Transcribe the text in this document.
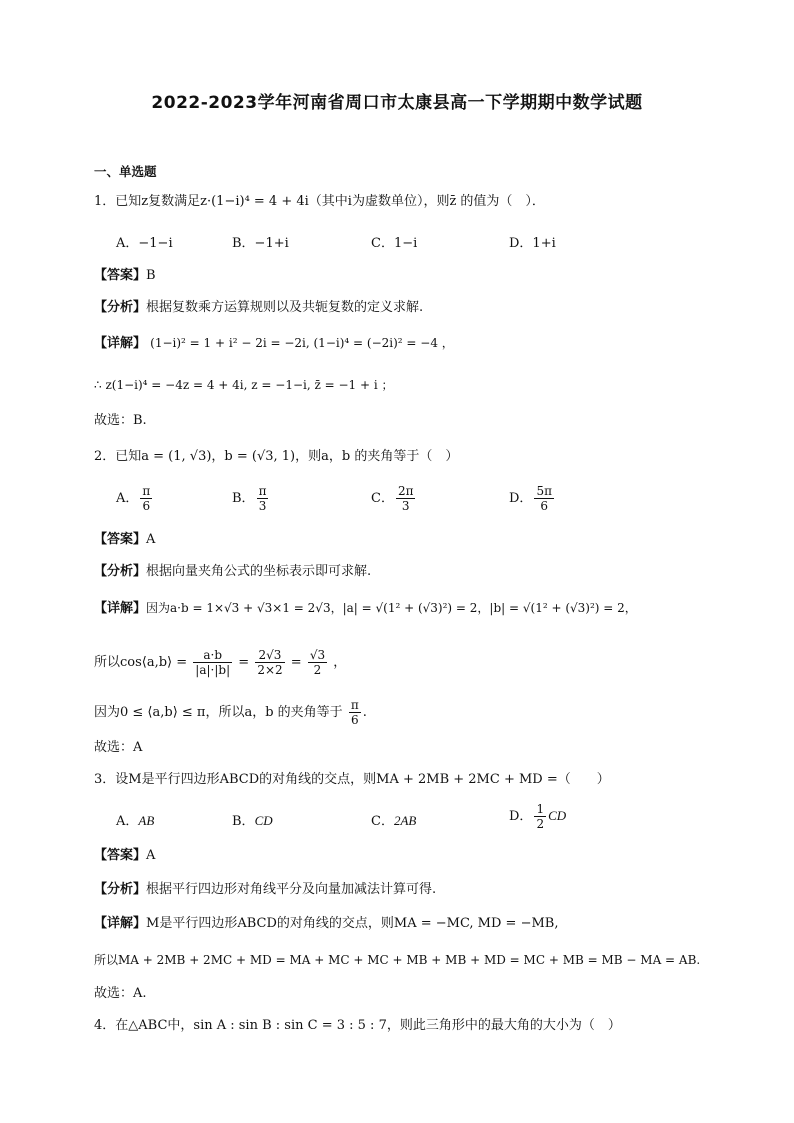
2022-2023学年河南省周口市太康县高一下学期期中数学试题
一、单选题
1．已知z复数满足z·(1−i)⁴ = 4 + 4i（其中i为虚数单位），则z̄ 的值为（　）．
A．−1−i	B．−1+i	C．1−i	D．1+i
【答案】B
【分析】根据复数乘方运算规则以及共轭复数的定义求解.
【详解】 (1−i)² = 1 + i² − 2i = −2i, (1−i)⁴ = (−2i)² = −4 ，
∴ z(1−i)⁴ = −4z = 4 + 4i, z = −1−i, z̄ = −1 + i ；
故选：B.
2．已知a = (1, √3)，b = (√3, 1)，则a，b 的夹角等于（　）
A． $\frac{\pi}{6}$	B． $\frac{\pi}{3}$	C． $\frac{2\pi}{3}$	D． $\frac{5\pi}{6}$
【答案】A
【分析】根据向量夹角公式的坐标表示即可求解.
【详解】因为a·b = 1×√3 + √3×1 = 2√3，|a| = √(1² + (√3)²) = 2，|b| = √(1² + (√3)²) = 2，
所以cos⟨a,b⟩ = $\frac{a\cdot b}{|a|\cdot|b|} = \frac{2√3}{2\times 2} = \frac{√3}{2}$ ，
因为0 ≤ ⟨a,b⟩ ≤ π，所以a，b 的夹角等于 $\frac{\pi}{6}$ .
故选：A
3．设M是平行四边形ABCD的对角线的交点，则MA + 2MB + 2MC + MD =（　　）
A．AB	B．CD	C．2AB	D． $\frac{1}{2}$ CD
【答案】A
【分析】根据平行四边形对角线平分及向量加减法计算可得.
【详解】M是平行四边形ABCD的对角线的交点，则MA = −MC, MD = −MB,
所以MA + 2MB + 2MC + MD = MA + MC + MC + MB + MB + MD = MC + MB = MB − MA = AB.
故选：A.
4．在△ABC中，sin A : sin B : sin C = 3 : 5 : 7，则此三角形中的最大角的大小为（　）
